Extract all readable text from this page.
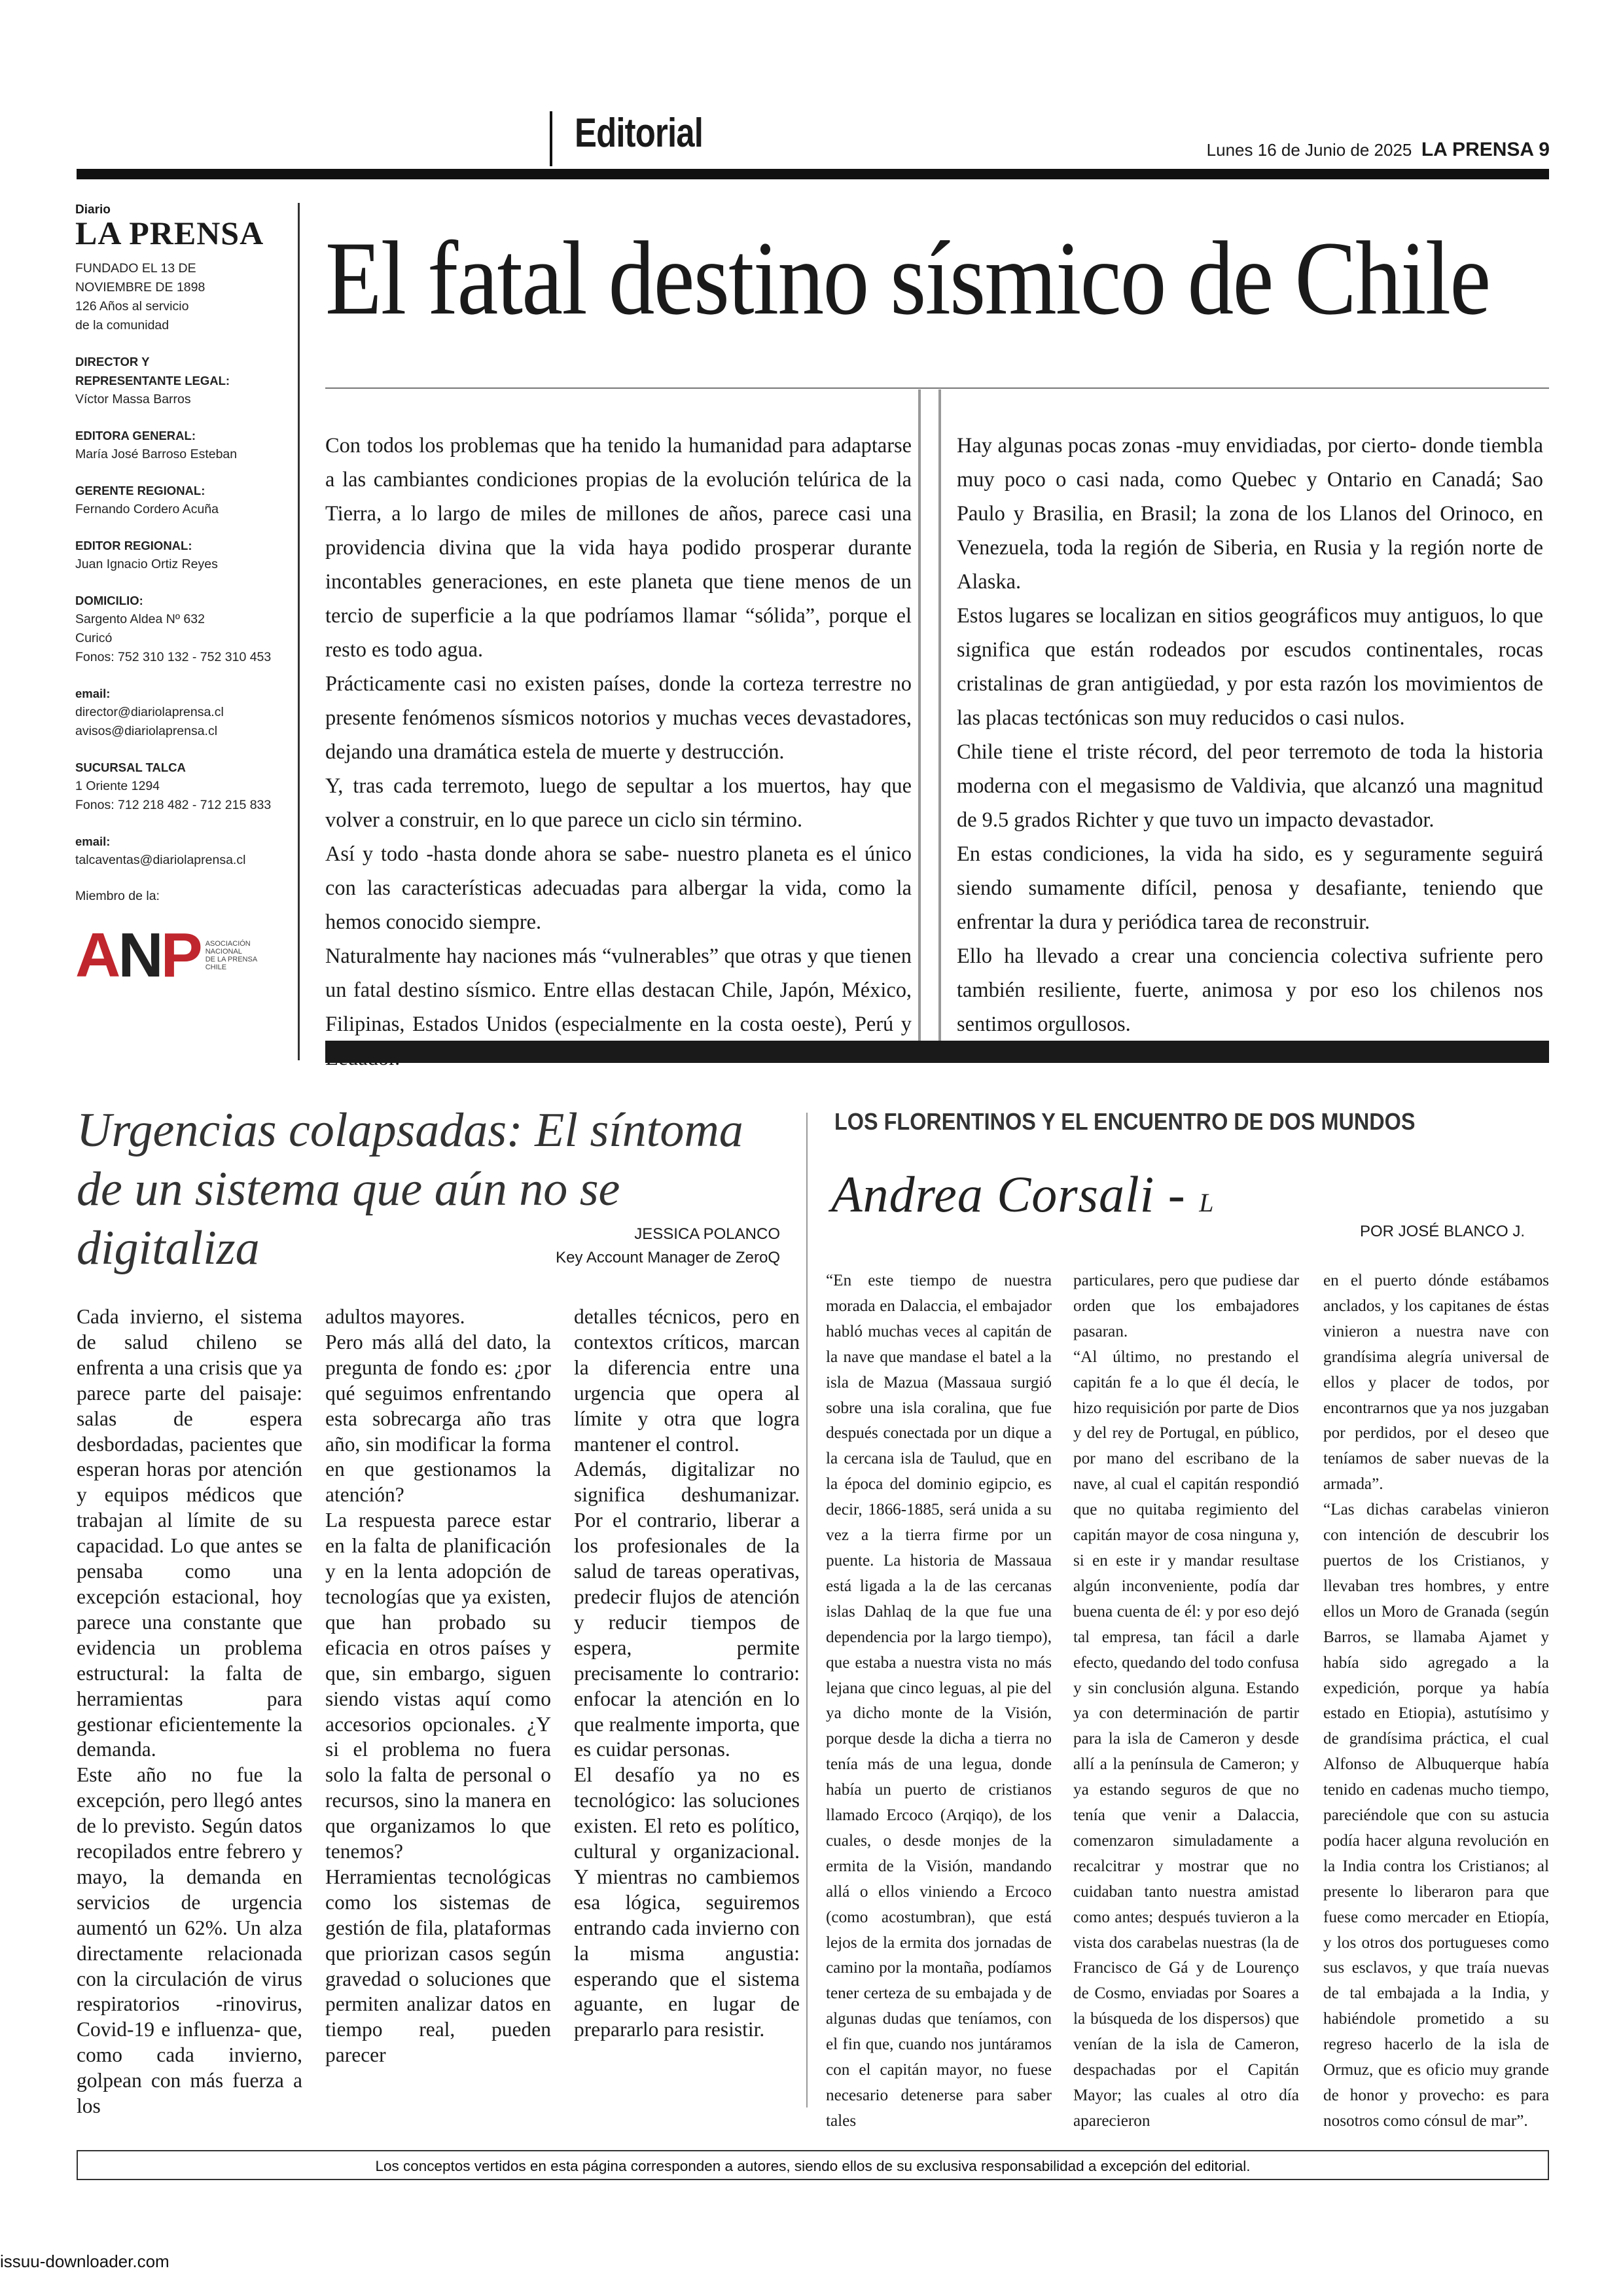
Editorial	Lunes 16 de Junio de 2025 LA PRENSA 9
Diario
LA PRENSA

FUNDADO EL 13 DE

NOVIEMBRE DE 1898

126 Años al servicio

de la comunidad

DIRECTOR Y

REPRESENTANTE LEGAL:

Víctor Massa Barros

EDITORA GENERAL:

María José Barroso Esteban

GERENTE REGIONAL:

Fernando Cordero Acuña

EDITOR REGIONAL:

Juan Ignacio Ortiz Reyes

DOMICILIO:

Sargento Aldea Nº 632

Curicó

Fonos: 752 310 132 - 752 310 453

email:

director@diariolaprensa.cl

avisos@diariolaprensa.cl

SUCURSAL TALCA

1 Oriente 1294

Fonos: 712 218 482 - 712 215 833

email:

talcaventas@diariolaprensa.cl

Miembro de la:

ANP ASOCIACIÓN
NACIONAL
DE LA PRENSA
CHILE
El fatal destino sísmico de Chile

Con todos los problemas que ha tenido la humanidad para adaptarse a las cambiantes condiciones propias de la evolución telúrica de la Tierra, a lo largo de miles de millones de años, parece casi una providencia divina que la vida haya podido prosperar durante incontables generaciones, en este planeta que tiene menos de un tercio de superficie a la que podríamos llamar “sólida”, porque el resto es todo agua.

Prácticamente casi no existen países, donde la corteza terrestre no presente fenómenos sísmicos notorios y muchas veces devastadores, dejando una dramática estela de muerte y destrucción.

Y, tras cada terremoto, luego de sepultar a los muertos, hay que volver a construir, en lo que parece un ciclo sin término.

Así y todo -hasta donde ahora se sabe- nuestro planeta es el único con las características adecuadas para albergar la vida, como la hemos conocido siempre.

Naturalmente hay naciones más “vulnerables” que otras y que tienen un fatal destino sísmico. Entre ellas destacan Chile, Japón, México, Filipinas, Estados Unidos (especialmente en la costa oeste), Perú y

Hay algunas pocas zonas -muy envidiadas, por cierto- donde tiembla muy poco o casi nada, como Quebec y Ontario en Canadá; Sao Paulo y Brasilia, en Brasil; la zona de los Llanos del Orinoco, en Venezuela, toda la región de Siberia, en Rusia y la región norte de Alaska.

Estos lugares se localizan en sitios geográficos muy antiguos, lo que significa que están rodeados por escudos continentales, rocas cristalinas de gran antigüedad, y por esta razón los movimientos de las placas tectónicas son muy reducidos o casi nulos.

Chile tiene el triste récord, del peor terremoto de toda la historia moderna con el megasismo de Valdivia, que alcanzó una magnitud de 9.5 grados Richter y que tuvo un impacto devastador.

En estas condiciones, la vida ha sido, es y seguramente seguirá siendo sumamente difícil, penosa y desafiante, teniendo que enfrentar la dura y periódica tarea de reconstruir.

Ello ha llevado a crear una conciencia colectiva sufriente pero también resiliente, fuerte, animosa y por eso los chilenos nos sentimos orgullosos.

Urgencias colapsadas: El síntoma de un sistema que aún no se digitaliza	JESSICA POLANCO
Key Account Manager de ZeroQ

Cada invierno, el sistema de salud chileno se enfrenta a una crisis que ya parece parte del paisaje: salas de espera desbordadas, pacientes que esperan horas por atención y equipos médicos que trabajan al límite de su capacidad. Lo que antes se pensaba como una excepción estacional, hoy parece una constante que evidencia un problema estructural: la falta de herramientas para gestionar eficientemente la demanda.

Este año no fue la excepción, pero llegó antes de lo previsto. Según datos recopilados entre febrero y mayo, la demanda en servicios de urgencia aumentó un 62%. Un alza directamente relacionada con la circulación de virus respiratorios -rinovirus, Covid-19 e influenza- que, como cada invierno, golpean con más fuerza a los

adultos mayores.

Pero más allá del dato, la pregunta de fondo es: ¿por qué seguimos enfrentando esta sobrecarga año tras año, sin modificar la forma en que gestionamos la atención?

La respuesta parece estar en la falta de planificación y en la lenta adopción de tecnologías que ya existen, que han probado su eficacia en otros países y que, sin embargo, siguen siendo vistas aquí como accesorios opcionales. ¿Y si el problema no fuera solo la falta de personal o recursos, sino la manera en que organizamos lo que tenemos?

Herramientas tecnológicas como los sistemas de gestión de fila, plataformas que priorizan casos según gravedad o soluciones que permiten analizar datos en tiempo real, pueden parecer

detalles técnicos, pero en contextos críticos, marcan la diferencia entre una urgencia que opera al límite y otra que logra mantener el control.

Además, digitalizar no significa deshumanizar. Por el contrario, liberar a los profesionales de la salud de tareas operativas, predecir flujos de atención y reducir tiempos de espera, permite precisamente lo contrario: enfocar la atención en lo que realmente importa, que es cuidar personas.

El desafío ya no es tecnológico: las soluciones existen. El reto es político, cultural y organizacional. Y mientras no cambiemos esa lógica, seguiremos entrando cada invierno con la misma angustia: esperando que el sistema aguante, en lugar de prepararlo para resistir.

LOS FLORENTINOS Y EL ENCUENTRO DE DOS MUNDOS
Andrea Corsali - L
POR JOSÉ BLANCO J.

“En este tiempo de nuestra morada en Dalaccia, el embajador habló muchas veces al capitán de la nave que mandase el batel a la isla de Mazua (Massaua surgió sobre una isla coralina, que fue después conectada por un dique a la cercana isla de Taulud, que en la época del dominio egipcio, es decir, 1866-1885, será unida a su vez a la tierra firme por un puente. La historia de Massaua está ligada a la de las cercanas islas Dahlaq de la que fue una dependencia por la largo tiempo), que estaba a nuestra vista no más lejana que cinco leguas, al pie del ya dicho monte de la Visión, porque desde la dicha a tierra no tenía más de una legua, donde había un puerto de cristianos llamado Ercoco (Arqiqo), de los cuales, o desde monjes de la ermita de la Visión, mandando allá o ellos viniendo a Ercoco (como acostumbran), que está lejos de la ermita dos jornadas de camino por la montaña, podíamos tener certeza de su embajada y de algunas dudas que teníamos, con el fin que, cuando nos juntáramos con el capitán mayor, no fuese necesario detenerse para saber tales

particulares, pero que pudiese dar orden que los embajadores pasaran.

“Al último, no prestando el capitán fe a lo que él decía, le hizo requisición por parte de Dios y del rey de Portugal, en público, por mano del escribano de la nave, al cual el capitán respondió que no quitaba regimiento del capitán mayor de cosa ninguna y, si en este ir y mandar resultase algún inconveniente, podía dar buena cuenta de él: y por eso dejó tal empresa, tan fácil a darle efecto, quedando del todo confusa y sin conclusión alguna. Estando ya con determinación de partir para la isla de Cameron y desde allí a la península de Cameron; y ya estando seguros de que no tenía que venir a Dalaccia, comenzaron simuladamente a recalcitrar y mostrar que no cuidaban tanto nuestra amistad como antes; después tuvieron a la vista dos carabelas nuestras (la de Francisco de Gá y de Lourenço de Cosmo, enviadas por Soares a la búsqueda de los dispersos) que venían de la isla de Cameron, despachadas por el Capitán Mayor; las cuales al otro día aparecieron

en el puerto dónde estábamos anclados, y los capitanes de éstas vinieron a nuestra nave con grandísima alegría universal de ellos y placer de todos, por encontrarnos que ya nos juzgaban por perdidos, por el deseo que teníamos de saber nuevas de la armada”.

“Las dichas carabelas vinieron con intención de descubrir los puertos de los Cristianos, y llevaban tres hombres, y entre ellos un Moro de Granada (según Barros, se llamaba Ajamet y había sido agregado a la expedición, porque ya había estado en Etiopia), astutísimo y de grandísima práctica, el cual Alfonso de Albuquerque había tenido en cadenas mucho tiempo, pareciéndole que con su astucia podía hacer alguna revolución en la India contra los Cristianos; al presente lo liberaron para que fuese como mercader en Etiopía, y los otros dos portugueses como sus esclavos, y que traía nuevas de tal embajada a la India, y habiéndole prometido a su regreso hacerlo de la isla de Ormuz, que es oficio muy grande de honor y provecho: es para nosotros como cónsul de mar”.

Los conceptos vertidos en esta página corresponden a autores, siendo ellos de su exclusiva responsabilidad a excepción del editorial.
issuu-downloader.com
